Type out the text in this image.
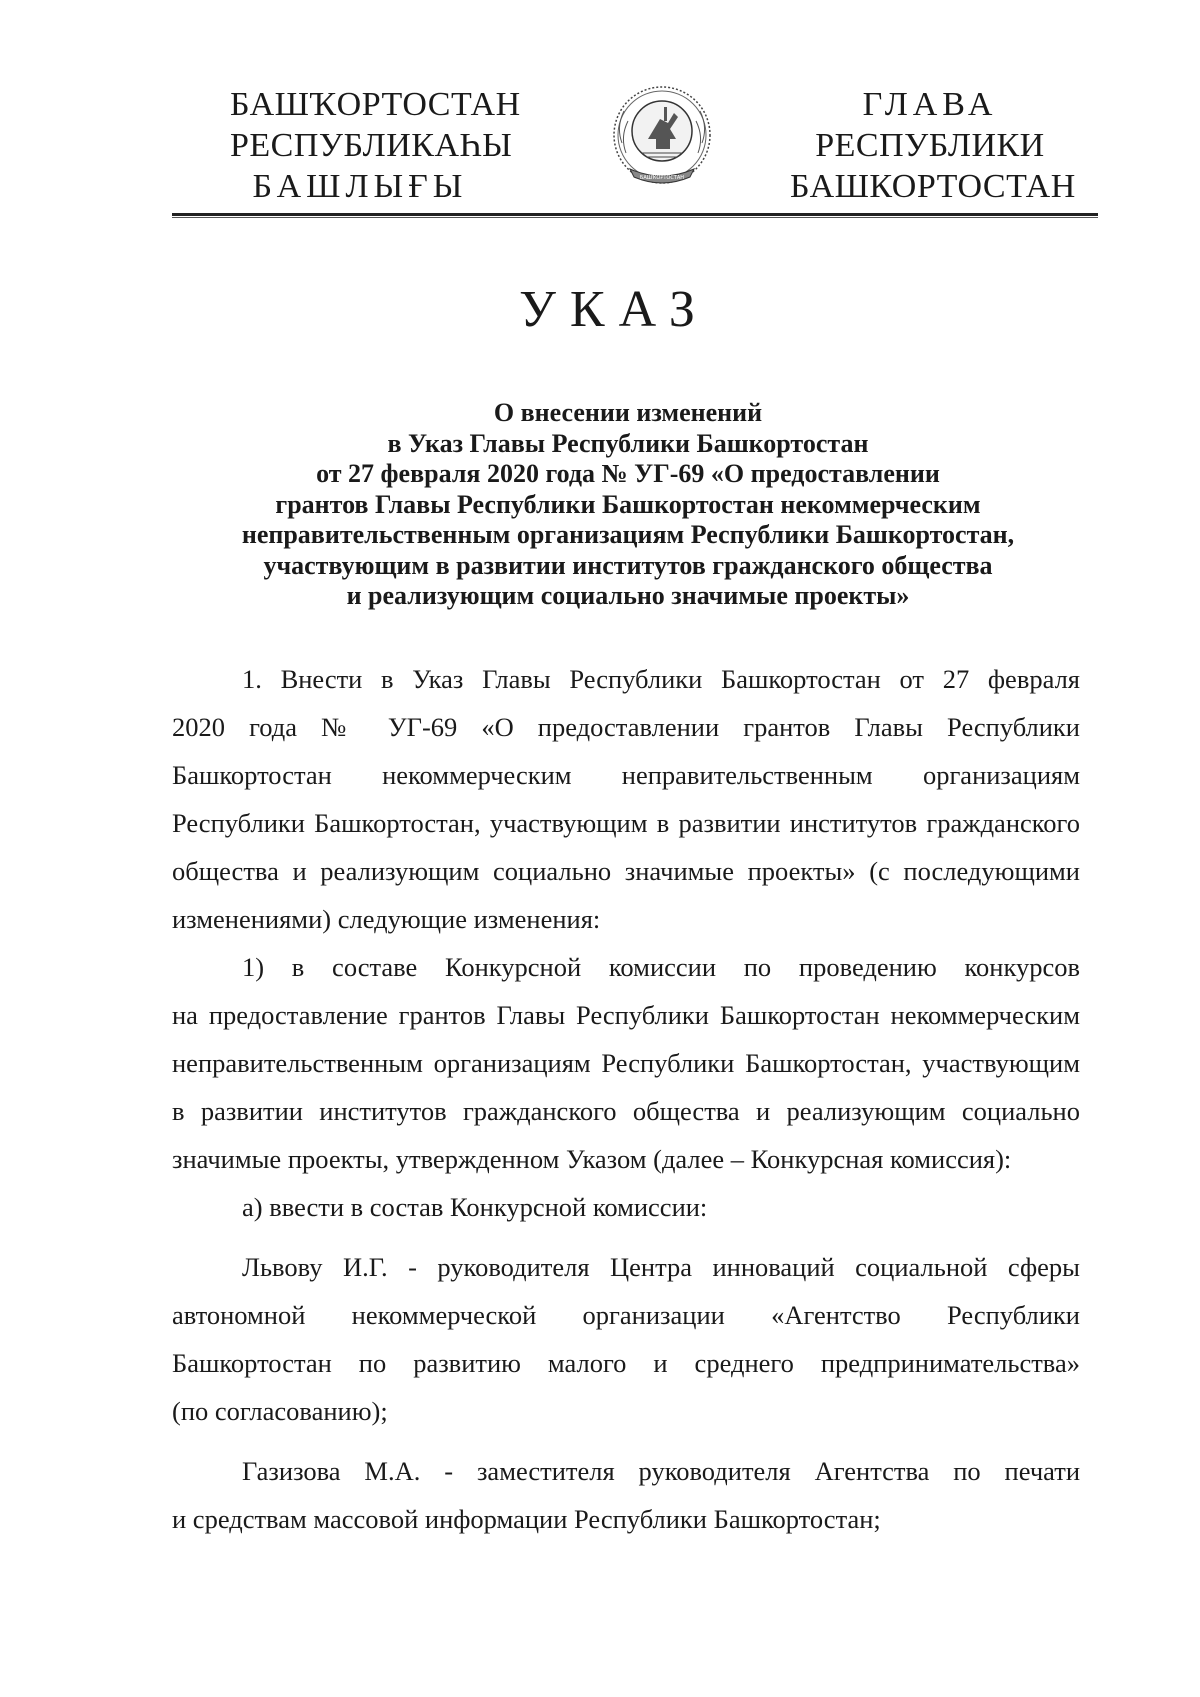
БАШҠОРТОСТАН
РЕСПУБЛИКАҺЫ
БАШЛЫҒЫ	БАШҠОРТОСТАН
ГЛАВА
РЕСПУБЛИКИ
БАШКОРТОСТАН
УКАЗ
О внесении изменений
в Указ Главы Республики Башкортостан
от 27 февраля 2020 года № УГ-69 «О предоставлении
грантов Главы Республики Башкортостан некоммерческим
неправительственным организациям Республики Башкортостан,
участвующим в развитии институтов гражданского общества
и реализующим социально значимые проекты»
1. Внести в Указ Главы Республики Башкортостан от 27 февраля
2020 года № УГ-69 «О предоставлении грантов Главы Республики
Башкортостан некоммерческим неправительственным организациям
Республики Башкортостан, участвующим в развитии институтов гражданского
общества и реализующим социально значимые проекты» (с последующими
изменениями) следующие изменения:
1) в составе Конкурсной комиссии по проведению конкурсов
на предоставление грантов Главы Республики Башкортостан некоммерческим
неправительственным организациям Республики Башкортостан, участвующим
в развитии институтов гражданского общества и реализующим социально
значимые проекты, утвержденном Указом (далее – Конкурсная комиссия):
а) ввести в состав Конкурсной комиссии:
Львову И.Г. - руководителя Центра инноваций социальной сферы
автономной некоммерческой организации «Агентство Республики
Башкортостан по развитию малого и среднего предпринимательства»
(по согласованию);
Газизова М.А. - заместителя руководителя Агентства по печати
и средствам массовой информации Республики Башкортостан;
